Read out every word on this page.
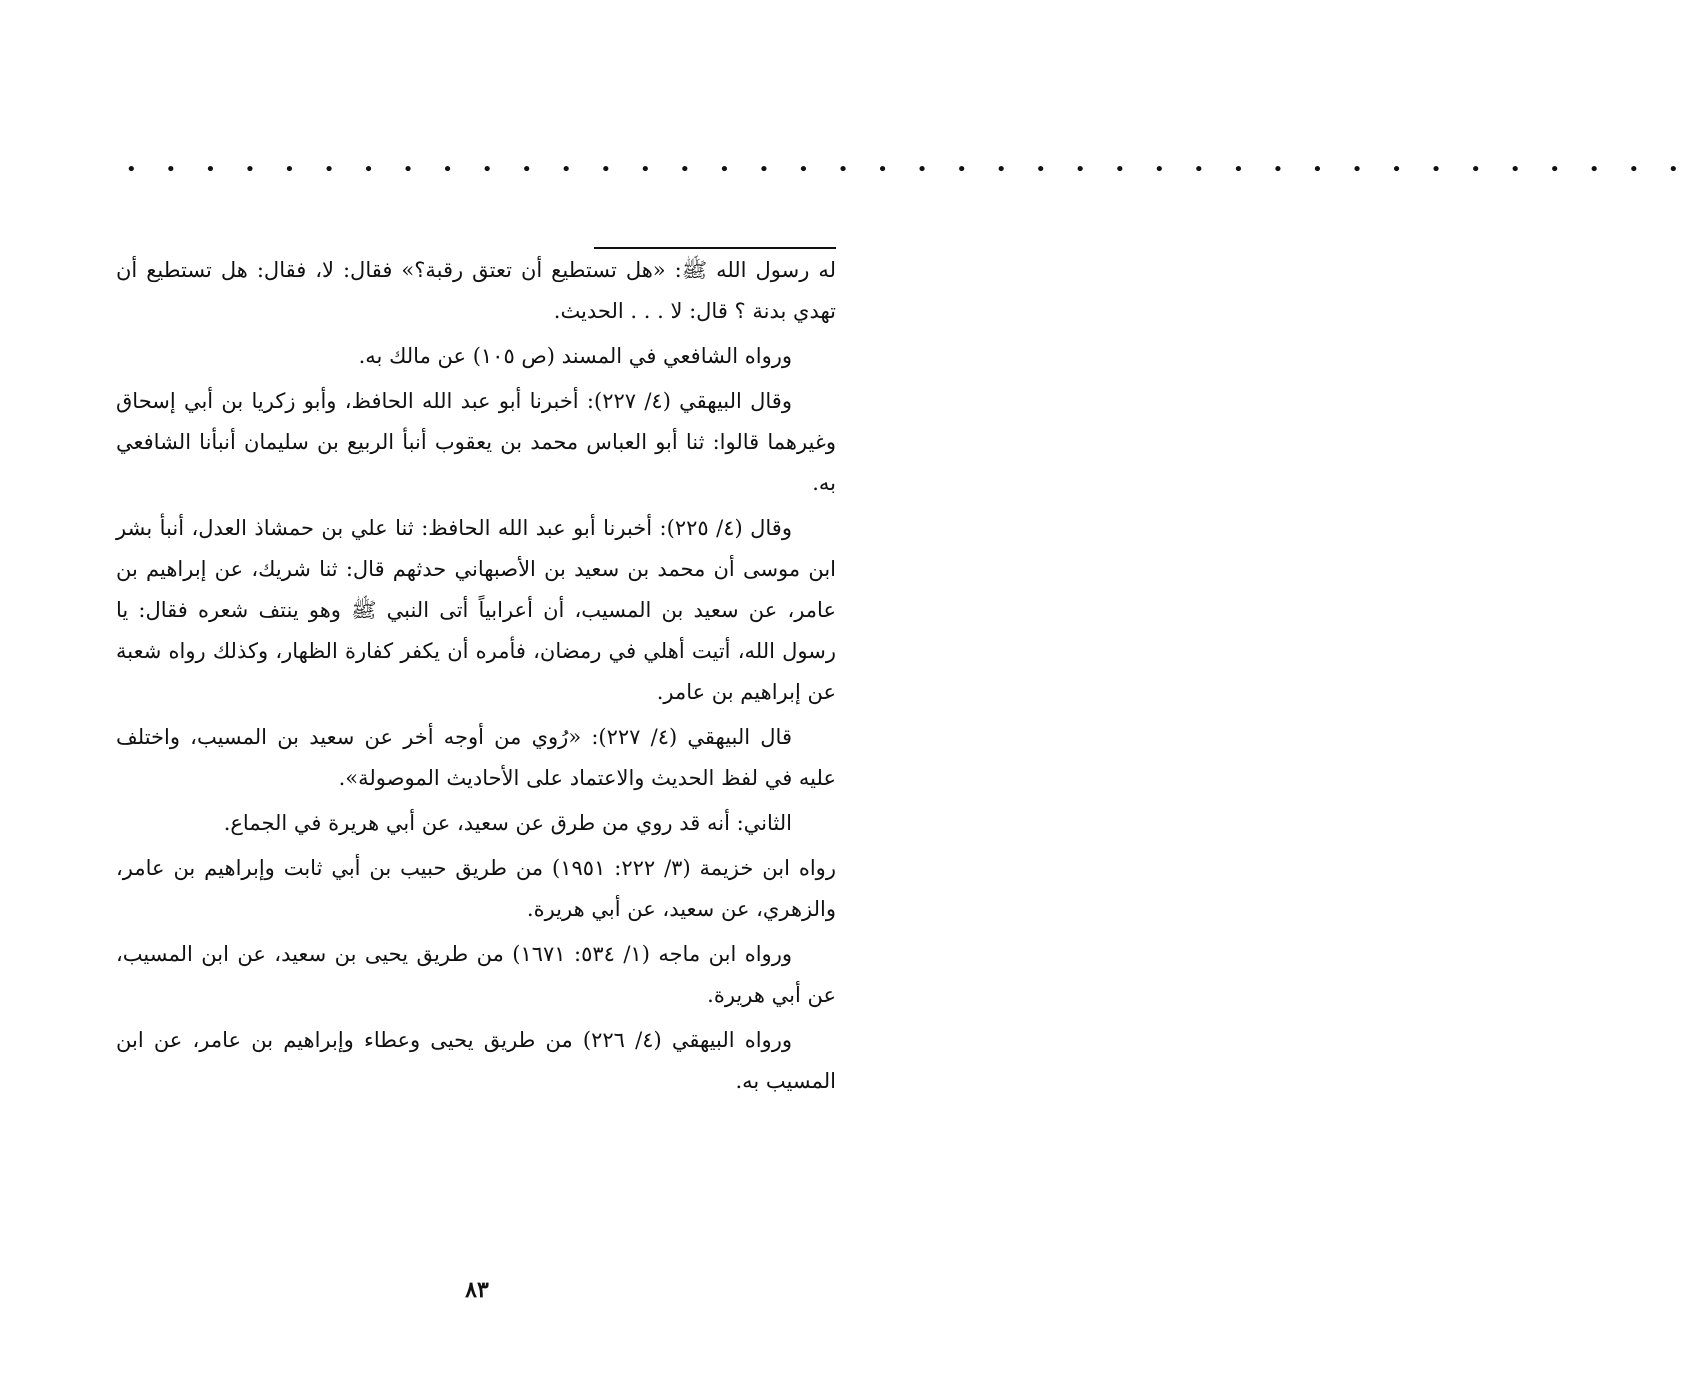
• • • • • • • • • • • • • • • • • • • • • • • • • • • • • • • • • • • • • • • •

له رسول الله ﷺ: «هل تستطيع أن تعتق رقبة؟» فقال: لا، فقال: هل تستطيع أن تهدي بدنة ؟ قال: لا . . . الحديث.

ورواه الشافعي في المسند (ص ١٠٥) عن مالك به.

وقال البيهقي (٤/ ٢٢٧): أخبرنا أبو عبد الله الحافظ، وأبو زكريا بن أبي إسحاق وغيرهما قالوا: ثنا أبو العباس محمد بن يعقوب أنبأ الربيع بن سليمان أنبأنا الشافعي به.

وقال (٤/ ٢٢٥): أخبرنا أبو عبد الله الحافظ: ثنا علي بن حمشاذ العدل، أنبأ بشر ابن موسى أن محمد بن سعيد بن الأصبهاني حدثهم قال: ثنا شريك، عن إبراهيم بن عامر، عن سعيد بن المسيب، أن أعرابياً أتى النبي ﷺ وهو ينتف شعره فقال: يا رسول الله، أتيت أهلي في رمضان، فأمره أن يكفر كفارة الظهار، وكذلك رواه شعبة عن إبراهيم بن عامر.

قال البيهقي (٤/ ٢٢٧): «رُوي من أوجه أخر عن سعيد بن المسيب، واختلف عليه في لفظ الحديث والاعتماد على الأحاديث الموصولة».

الثاني: أنه قد روي من طرق عن سعيد، عن أبي هريرة في الجماع.

رواه ابن خزيمة (٣/ ٢٢٢: ١٩٥١) من طريق حبيب بن أبي ثابت وإبراهيم بن عامر، والزهري، عن سعيد، عن أبي هريرة.

ورواه ابن ماجه (١/ ٥٣٤: ١٦٧١) من طريق يحيى بن سعيد، عن ابن المسيب، عن أبي هريرة.

ورواه البيهقي (٤/ ٢٢٦) من طريق يحيى وعطاء وإبراهيم بن عامر، عن ابن المسيب به.

٨٣
